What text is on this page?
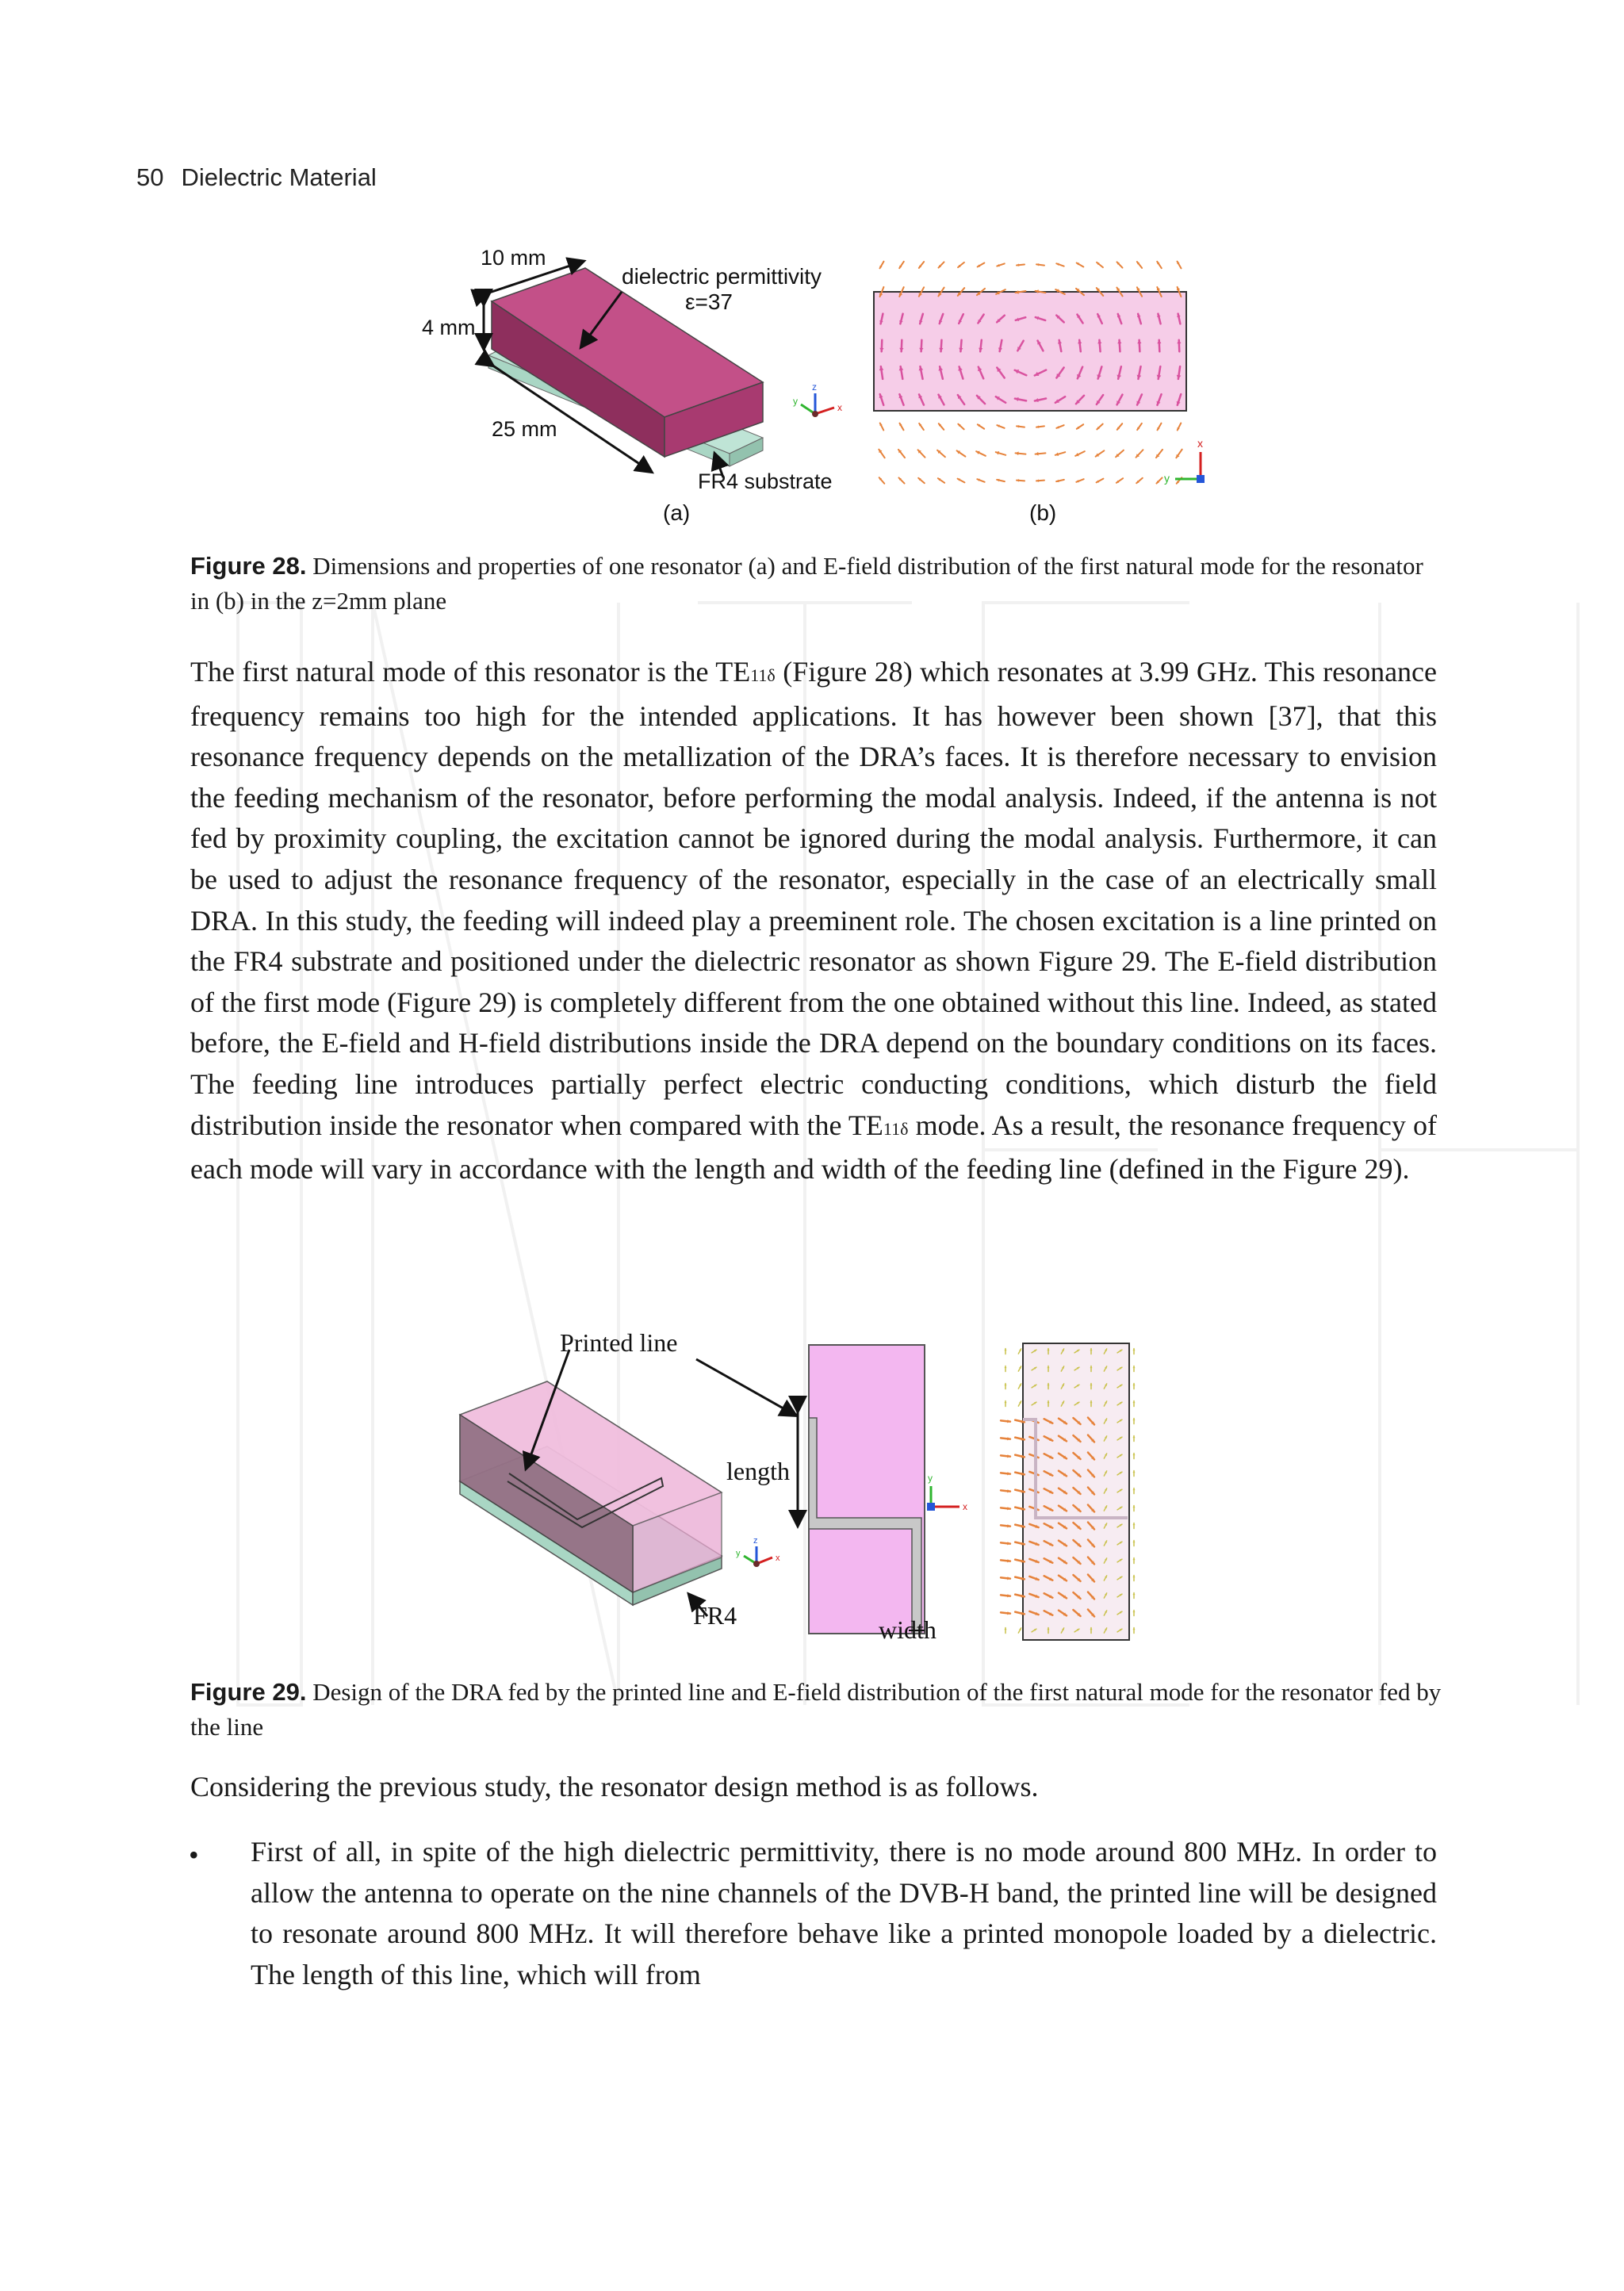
50 Dielectric Material
10 mm
4 mm
25 mm
dielectric permittivity
ε=37
FR4 substrate
(a)
z
x
y
x
y
(b)
Figure 28. Dimensions and properties of one resonator (a) and E-field distribution of the first natural mode for the resonator in (b) in the z=2mm plane
The first natural mode of this resonator is the TE11δ (Figure 28) which resonates at 3.99 GHz. This resonance frequency remains too high for the intended applications. It has however been shown [37], that this resonance frequency depends on the metallization of the DRA’s faces. It is therefore necessary to envision the feeding mechanism of the resonator, before performing the modal analysis. Indeed, if the antenna is not fed by proximity coupling, the excitation cannot be ignored during the modal analysis. Furthermore, it can be used to adjust the resonance frequency of the resonator, especially in the case of an electrically small DRA. In this study, the feeding will indeed play a preeminent role. The chosen excitation is a line printed on the FR4 substrate and positioned under the dielectric resonator as shown Figure 29. The E-field distribution of the first mode (Figure 29) is completely different from the one obtained without this line. Indeed, as stated before, the E-field and H-field distributions inside the DRA depend on the boundary conditions on its faces. The feeding line introduces partially perfect electric conducting conditions, which disturb the field distribution inside the resonator when compared with the TE11δ mode. As a result, the resonance frequency of each mode will vary in accordance with the length and width of the feeding line (defined in the Figure 29).
Printed line
FR4
z
x
y
length
width
y
x
Figure 29. Design of the DRA fed by the printed line and E-field distribution of the first natural mode for the resonator fed by the line
Considering the previous study, the resonator design method is as follows.
• First of all, in spite of the high dielectric permittivity, there is no mode around 800 MHz. In order to allow the antenna to operate on the nine channels of the DVB-H band, the printed line will be designed to resonate around 800 MHz. It will therefore behave like a printed monopole loaded by a dielectric. The length of this line, which will from
